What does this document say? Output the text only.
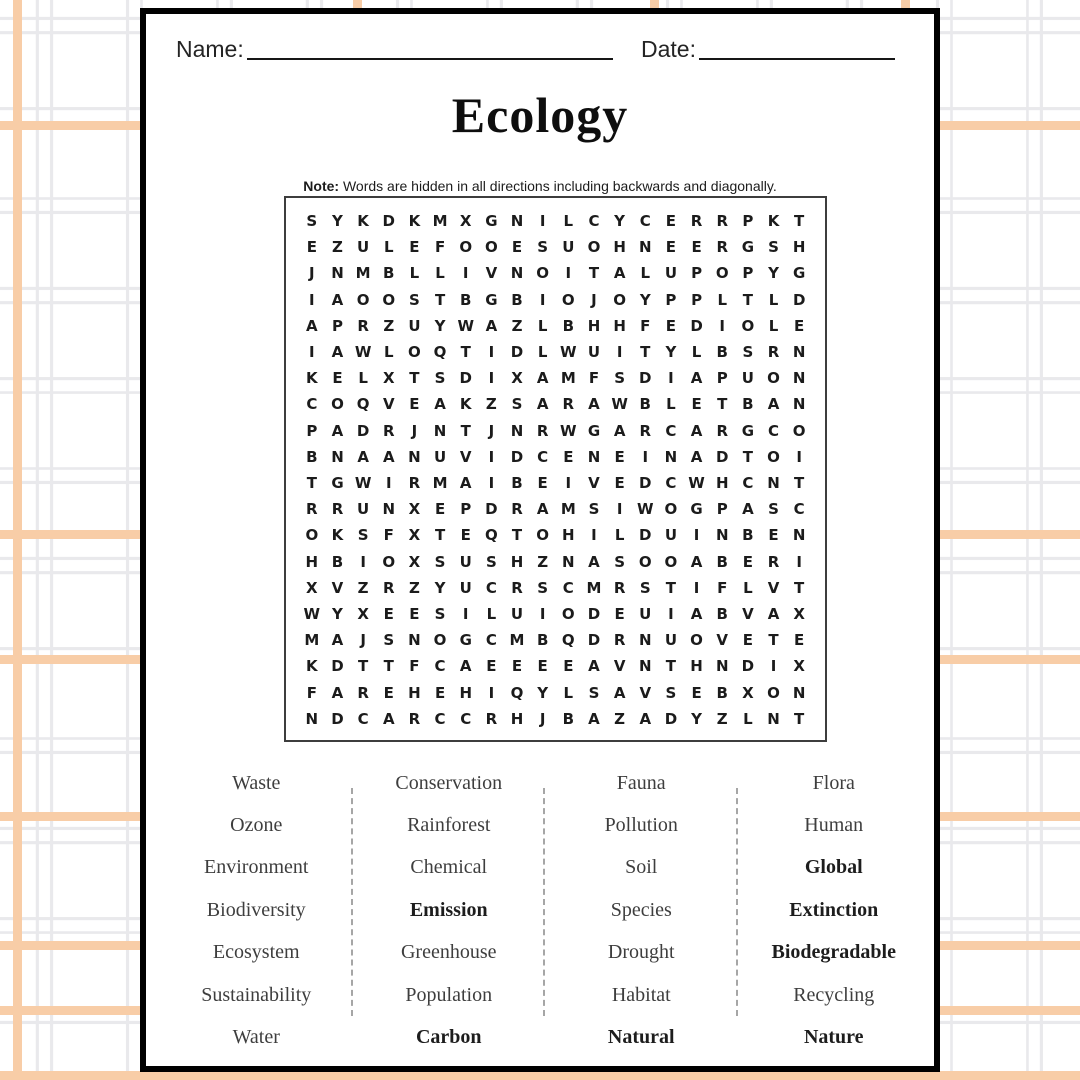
Name:	Date:
Ecology
Note: Words are hidden in all directions including backwards and diagonally.
S Y K D K M X G N	I	L	C Y C	E R R P K T
E	Z U L	E	F O O E	S U O H N E	E R G S H
J	N M B	L	L	I	V N O	I	T A	L U P O P Y G
I	A O O S	T B G B	I	O	J	O Y P P	L	T	L D
A P R Z U Y W A Z	L	B H H F	E D	I	O L	E
I	A W L O Q T	I	D L W U	I	T	Y	L	B S R N
K E	L	X T	S D	I	X A M F	S D	I	A P U O N
C O Q V E A K Z S A R A W B	L	E	T B A N
P A D R	J	N T	J	N R W G A R C A R G C O
B N A A N U V	I	D C	E N E	I	N A D T O	I
T G W I	R M A	I	B E	I	V E D C W H C N T
R R U N X E	P D R A M S	I W O G P A S C
O K S	F X T	E Q T O H	I	L D U	I	N B E N
H B	I	O X S U S H Z N A S O O A B E R	I
X V Z R Z Y U C R S C M R S	T	I	F	L	V T
W Y X E	E	S	I	L U	I	O D E U	I	A B V A X
M A	J	S N O G C M B Q D R N U O V E	T	E
K D T	T	F	C A E	E	E	E A V N T H N D	I	X
F A R E H E H	I	Q Y	L	S A V S	E B X O N
N D C A R C C R H	J	B A Z A D Y Z	L N T
Waste
Ozone
Environment
Biodiversity
Ecosystem
Sustainability
Water
Conservation
Rainforest
Chemical
Emission
Greenhouse
Population
Carbon
Fauna
Pollution
Soil
Species
Drought
Habitat
Natural
Flora
Human
Global
Extinction
Biodegradable
Recycling
Nature
